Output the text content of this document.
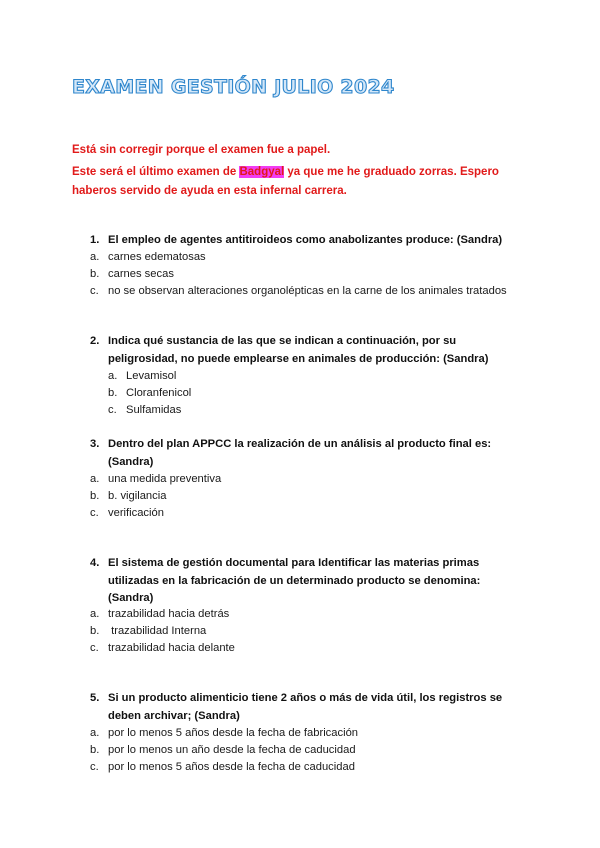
EXAMEN GESTIÓN JULIO 2024
Está sin corregir porque el examen fue a papel.
Este será el último examen de Badgyal ya que me he graduado zorras. Espero
haberos servido de ayuda en esta infernal carrera.
1. El empleo de agentes antitiroideos como anabolizantes produce: (Sandra)
a. carnes edematosas
b. carnes secas
c. no se observan alteraciones organolépticas en la carne de los animales tratados
2. Indica qué sustancia de las que se indican a continuación, por su
peligrosidad, no puede emplearse en animales de producción: (Sandra)
a. Levamisol
b. Cloranfenicol
c. Sulfamidas
3. Dentro del plan APPCC la realización de un análisis al producto final es:
(Sandra)
a. una medida preventiva
b. b. vigilancia
c. verificación
4. El sistema de gestión documental para Identificar las materias primas
utilizadas en la fabricación de un determinado producto se denomina:
(Sandra)
a. trazabilidad hacia detrás
b. trazabilidad Interna
c. trazabilidad hacia delante
5. Si un producto alimenticio tiene 2 años o más de vida útil, los registros se
deben archivar; (Sandra)
a. por lo menos 5 años desde la fecha de fabricación
b. por lo menos un año desde la fecha de caducidad
c. por lo menos 5 años desde la fecha de caducidad
